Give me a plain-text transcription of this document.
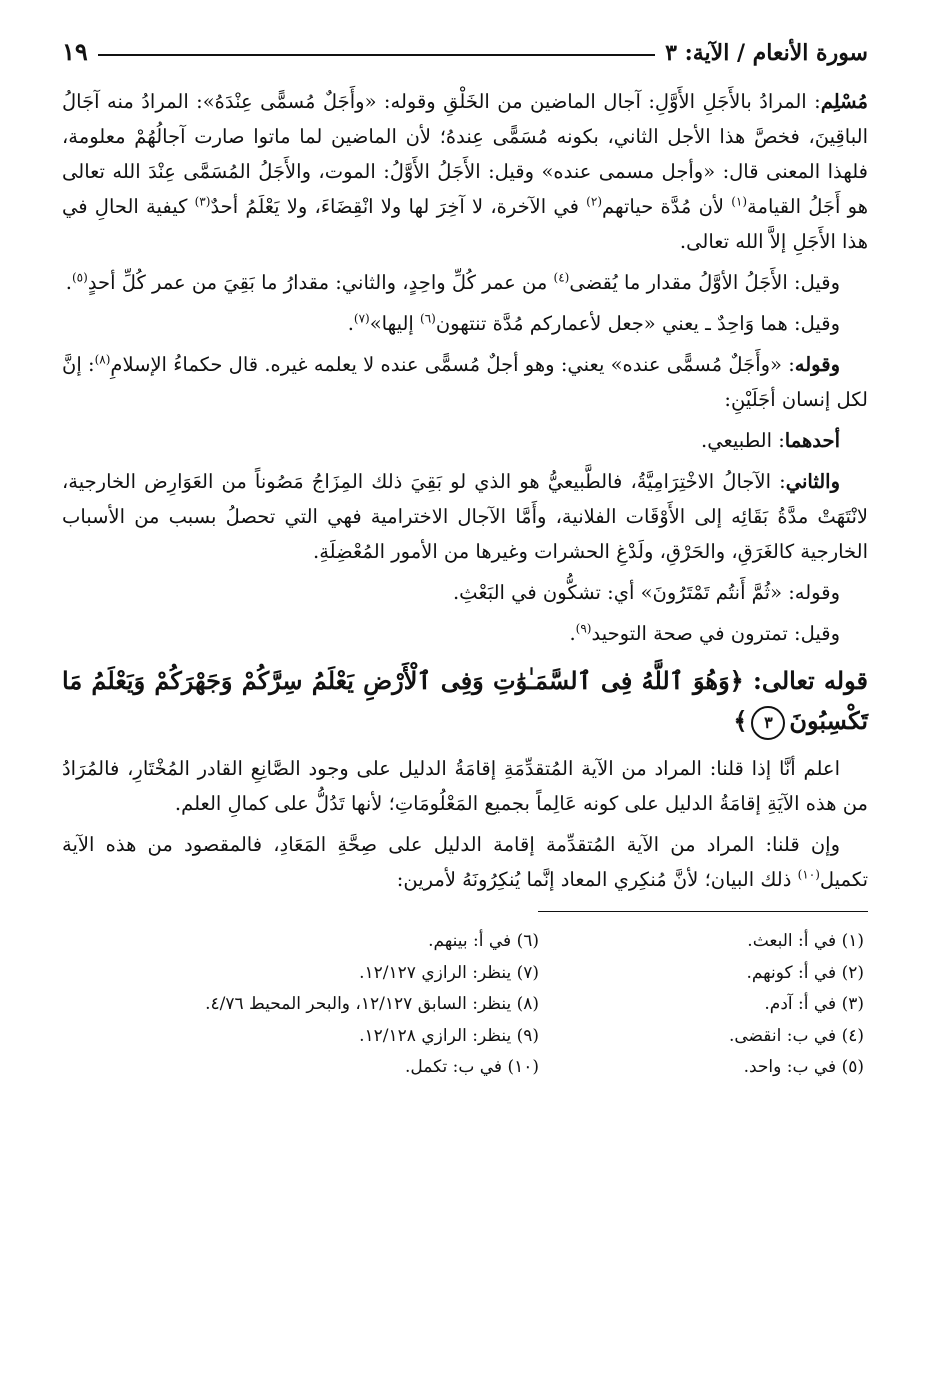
سورة الأنعام / الآية: ٣
١٩

مُسْلِم: المرادُ بالأَجَلِ الأَوَّلِ: آجال الماضين من الخَلْقِ وقوله: «وأَجَلٌ مُسمًّى عِنْدَهُ»: المرادُ منه آجَالُ الباقِينَ، فخصَّ هذا الأجل الثاني، بكونه مُسَمًّى عِندهُ؛ لأن الماضين لما ماتوا صارت آجالُهُمْ معلومة، فلهذا المعنى قال: «وأجل مسمى عنده» وقيل: الأَجَلُ الأَوَّلُ: الموت، والأَجَلُ المُسَمَّى عِنْدَ الله تعالى هو أَجَلُ القيامة$^{(١)}$ لأن مُدَّة حياتهم$^{(٢)}$ في الآخرة، لا آخِرَ لها ولا انْقِضَاءَ، ولا يَعْلَمُ أحدٌ$^{(٣)}$ كيفية الحالِ في هذا الأَجَلِ إلاَّ الله تعالى.

وقيل: الأَجَلُ الأوَّلُ مقدار ما يُقضى$^{(٤)}$ من عمر كُلِّ واحِدٍ، والثاني: مقدارُ ما بَقِيَ من عمر كُلِّ أحدٍ$^{(٥)}$.

وقيل: هما وَاحِدٌ ـ يعني «جعل لأعماركم مُدَّة تنتهون$^{(٦)}$ إليها»$^{(٧)}$.

وقوله: «وأَجَلٌ مُسمًّى عنده» يعني: وهو أجلٌ مُسمًّى عنده لا يعلمه غيره. قال حكماءُ الإسلامِ$^{(٨)}$: إنَّ لكل إنسان أجَلَيْنِ:

أحدهما: الطبيعي.

والثاني: الآجالُ الاخْتِرَامِيَّةُ، فالطَّبيعيُّ هو الذي لو بَقِيَ ذلك المِزَاجُ مَصُوناً من العَوَارِض الخارجية، لانْتَهَتْ مدَّةُ بَقَائِه إلى الأَوْقَات الفلانية، وأَمَّا الآجال الاخترامية فهي التي تحصلُ بسبب من الأسباب الخارجية كالغَرَقِ، والحَرْقِ، ولَدْغِ الحشرات وغيرها من الأمور المُعْضِلَةِ.

وقوله: «ثُمَّ أَنتُم تَمْتَرُونَ» أي: تشكُّون في البَعْثِ.

وقيل: تمترون في صحة التوحيد$^{(٩)}$.

قوله تعالى: ﴿وَهُوَ ٱللَّهُ فِى ٱلسَّمَـٰوَٰتِ وَفِى ٱلْأَرْضِ يَعْلَمُ سِرَّكُمْ وَجَهْرَكُمْ وَيَعْلَمُ مَا تَكْسِبُونَ٣﴾

اعلم أنَّا إذا قلنا: المراد من الآية المُتقدِّمَةِ إقامَةُ الدليل على وجود الصَّانِعِ القادر المُخْتَارِ، فالمُرَادُ من هذه الآيَةِ إقامَةُ الدليل على كونه عَالِماً بجميع المَعْلُومَاتِ؛ لأنها تَدُلُّ على كمالِ العلم.

وإن قلنا: المراد من الآية المُتقدِّمة إقامة الدليل على صِحَّةِ المَعَادِ، فالمقصود من هذه الآية تكميل$^{(١٠)}$ ذلك البيان؛ لأنَّ مُنكِري المعاد إنَّما يُنكِرُونَهُ لأمرين:

(١) في أ: البعث.
(٢) في أ: كونهم.
(٣) في أ: آدم.
(٤) في ب: انقضى.
(٥) في ب: واحد.
(٦) في أ: بينهم.
(٧) ينظر: الرازي ١٢/١٢٧.
(٨) ينظر: السابق ١٢/١٢٧، والبحر المحيط ٤/٧٦.
(٩) ينظر: الرازي ١٢/١٢٨.
(١٠) في ب: تكمل.
